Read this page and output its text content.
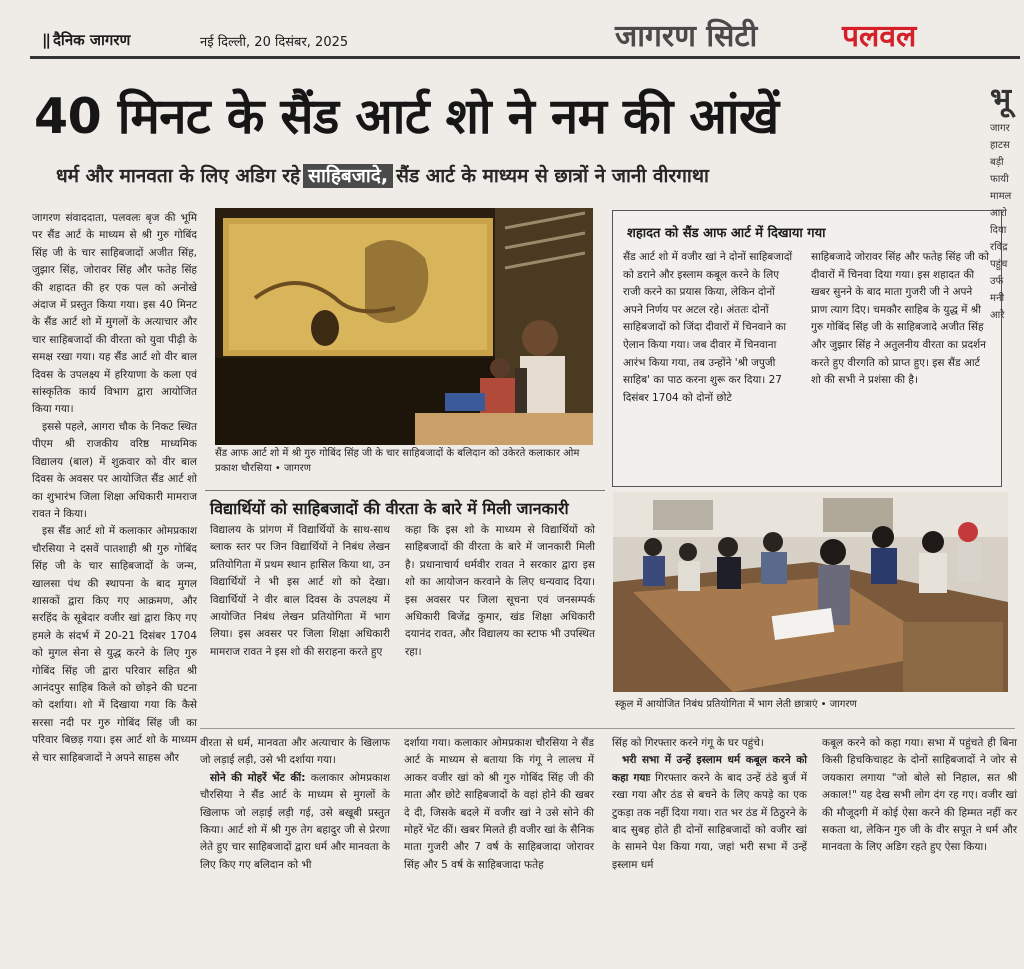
|| दैनिक जागरण	नई दिल्ली, 20 दिसंबर, 2025	जागरण सिटी	पलवल
40 मिनट के सैंड आर्ट शो ने नम की आंखें
धर्म और मानवता के लिए अडिग रहे साहिबजादे, सैंड आर्ट के माध्यम से छात्रों ने जानी वीरगाथा

जागरण संवाददाता, पलवलः बृज की भूमि पर सैंड आर्ट के माध्यम से श्री गुरु गोबिंद सिंह जी के चार साहिबजादों अजीत सिंह, जुझार सिंह, जोरावर सिंह और फतेह सिंह की शहादत की हर एक पल को अनोखे अंदाज में प्रस्तुत किया गया। इस 40 मिनट के सैंड आर्ट शो में मुगलों के अत्याचार और चार साहिबजादों की वीरता को युवा पीढ़ी के समक्ष रखा गया। यह सैंड आर्ट शो वीर बाल दिवस के उपलक्ष्य में हरियाणा के कला एवं सांस्कृतिक कार्य विभाग द्वारा आयोजित किया गया।

इससे पहले, आगरा चौक के निकट स्थित पीएम श्री राजकीय वरिष्ठ माध्यमिक विद्यालय (बाल) में शुक्रवार को वीर बाल दिवस के अवसर पर आयोजित सैंड आर्ट शो का शुभारंभ जिला शिक्षा अधिकारी मामराज रावत ने किया।

इस सैंड आर्ट शो में कलाकार ओमप्रकाश चौरसिया ने दसवें पातशाही श्री गुरु गोबिंद सिंह जी के चार साहिबजादों के जन्म, खालसा पंथ की स्थापना के बाद मुगल शासकों द्वारा किए गए आक्रमण, और सरहिंद के सूबेदार वजीर खां द्वारा किए गए हमले के संदर्भ में 20-21 दिसंबर 1704 को मुगल सेना से युद्ध करने के लिए गुरु गोबिंद सिंह जी द्वारा परिवार सहित श्री आनंदपुर साहिब किले को छोड़ने की घटना को दर्शाया। शो में दिखाया गया कि कैसे सरसा नदी पर गुरु गोबिंद सिंह जी का परिवार बिछड़ गया। इस आर्ट शो के माध्यम से चार साहिबजादों ने अपने साहस और

सैंड आफ आर्ट शो में श्री गुरु गोबिंद सिंह जी के चार साहिबजादों के बलिदान को उकेरते कलाकार ओम प्रकाश चौरसिया • जागरण
शहादत को सैंड आफ आर्ट में दिखाया गया
सैंड आर्ट शो में वजीर खां ने दोनों साहिबजादों को डराने और इस्लाम कबूल करने के लिए राजी करने का प्रयास किया, लेकिन दोनों अपने निर्णय पर अटल रहे। अंततः दोनों साहिबजादों को जिंदा दीवारों में चिनवाने का ऐलान किया गया। जब दीवार में चिनवाना आरंभ किया गया, तब उन्होंने 'श्री जपुजी साहिब' का पाठ करना शुरू कर दिया। 27 दिसंबर 1704 को दोनों छोटे
साहिबजादे जोरावर सिंह और फतेह सिंह जी को दीवारों में चिनवा दिया गया। इस शहादत की खबर सुनने के बाद माता गुजरी जी ने अपने प्राण त्याग दिए। चमकौर साहिब के युद्ध में श्री गुरु गोबिंद सिंह जी के साहिबजादे अजीत सिंह और जुझार सिंह ने अतुलनीय वीरता का प्रदर्शन करते हुए वीरगति को प्राप्त हुए। इस सैंड आर्ट शो की सभी ने प्रशंसा की है।
विद्यार्थियों को साहिबजादों की वीरता के बारे में मिली जानकारी
विद्यालय के प्रांगण में विद्यार्थियों के साथ-साथ ब्लाक स्तर पर जिन विद्यार्थियों ने निबंध लेखन प्रतियोगिता में प्रथम स्थान हासिल किया था, उन विद्यार्थियों ने भी इस आर्ट शो को देखा। विद्यार्थियों ने वीर बाल दिवस के उपलक्ष्य में आयोजित निबंध लेखन प्रतियोगिता में भाग लिया। इस अवसर पर जिला शिक्षा अधिकारी मामराज रावत ने इस शो की सराहना करते हुए
कहा कि इस शो के माध्यम से विद्यार्थियों को साहिबजादों की वीरता के बारे में जानकारी मिली है। प्रधानाचार्य धर्मवीर रावत ने सरकार द्वारा इस शो का आयोजन करवाने के लिए धन्यवाद दिया। इस अवसर पर जिला सूचना एवं जनसम्पर्क अधिकारी बिजेंद्र कुमार, खंड शिक्षा अधिकारी दयानंद रावत, और विद्यालय का स्टाफ भी उपस्थित रहा।
स्कूल में आयोजित निबंध प्रतियोगिता में भाग लेती छात्राएं • जागरण

वीरता से धर्म, मानवता और अत्याचार के खिलाफ जो लड़ाई लड़ी, उसे भी दर्शाया गया।

सोने की मोहरें भेंट कीं: कलाकार ओमप्रकाश चौरसिया ने सैंड आर्ट के माध्यम से मुगलों के खिलाफ जो लड़ाई लड़ी गई, उसे बखूबी प्रस्तुत किया। आर्ट शो में श्री गुरु तेग बहादुर जी से प्रेरणा लेते हुए चार साहिबजादों द्वारा धर्म और मानवता के लिए किए गए बलिदान को भी

दर्शाया गया। कलाकार ओमप्रकाश चौरसिया ने सैंड आर्ट के माध्यम से बताया कि गंगू ने लालच में आकर वजीर खां को श्री गुरु गोबिंद सिंह जी की माता और छोटे साहिबजादों के वहां होने की खबर दे दी, जिसके बदले में वजीर खां ने उसे सोने की मोहरें भेंट कीं। खबर मिलते ही वजीर खां के सैनिक माता गुजरी और 7 वर्ष के साहिबजादा जोरावर सिंह और 5 वर्ष के साहिबजादा फतेह

सिंह को गिरफ्तार करने गंगू के घर पहुंचे।

भरी सभा में उन्हें इस्लाम धर्म कबूल करने को कहा गयाः गिरफ्तार करने के बाद उन्हें ठंडे बुर्ज में रखा गया और ठंड से बचने के लिए कपड़े का एक टुकड़ा तक नहीं दिया गया। रात भर ठंड में ठिठुरने के बाद सुबह होते ही दोनों साहिबजादों को वजीर खां के सामने पेश किया गया, जहां भरी सभा में उन्हें इस्लाम धर्म

कबूल करने को कहा गया। सभा में पहुंचते ही बिना किसी हिचकिचाहट के दोनों साहिबजादों ने जोर से जयकारा लगाया "जो बोले सो निहाल, सत श्री अकाल!" यह देख सभी लोग दंग रह गए। वजीर खां की मौजूदगी में कोई ऐसा करने की हिम्मत नहीं कर सकता था, लेकिन गुरु जी के वीर सपूत ने धर्म और मानवता के लिए अडिग रहते हुए ऐसा किया।
भू
जागर
हाटस
बड़ी
फायी
मामल
आरो
दिया
रविंद्र
पहुंच
उर्फ
मनी
आरे
